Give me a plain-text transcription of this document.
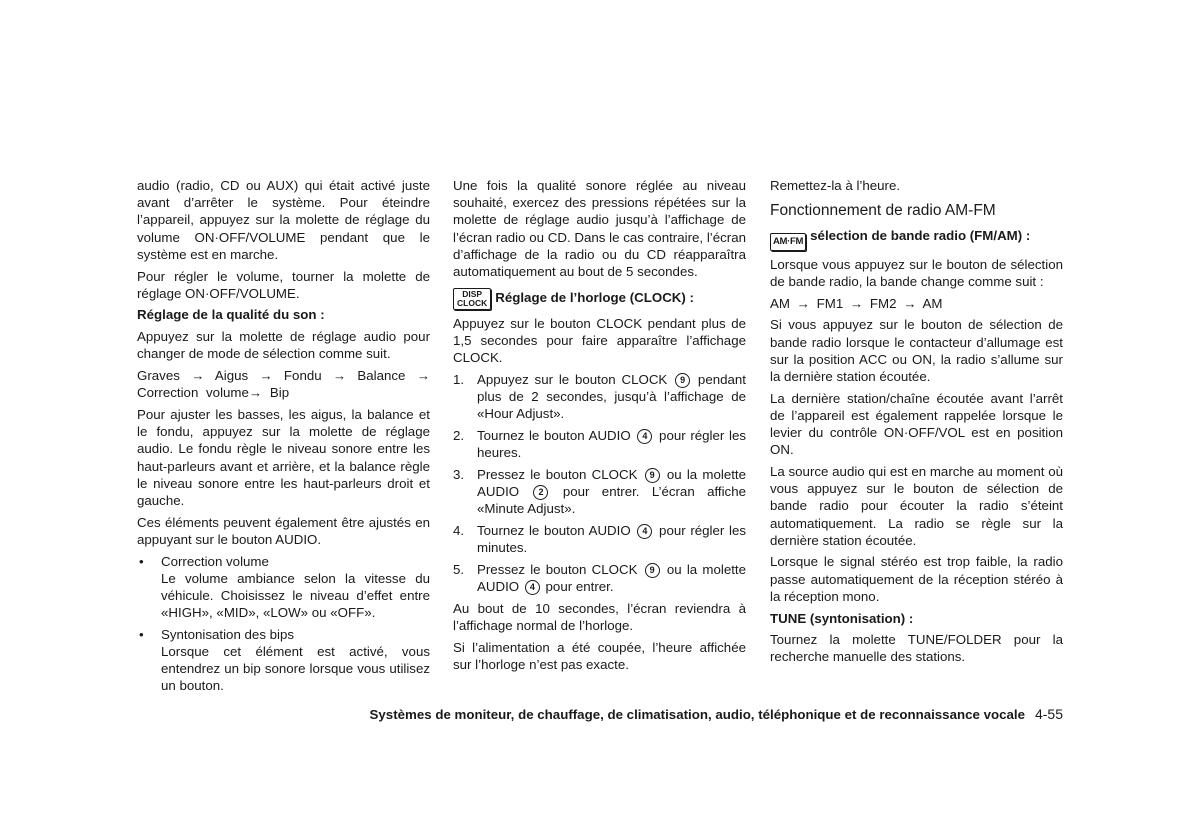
audio (radio, CD ou AUX) qui était activé juste avant d’arrêter le système. Pour éteindre l’appareil, appuyez sur la molette de réglage du volume ON·OFF/VOLUME pendant que le système est en marche.

Pour régler le volume, tourner la molette de réglage ON·OFF/VOLUME.

Réglage de la qualité du son :

Appuyez sur la molette de réglage audio pour changer de mode de sélection comme suit.

Graves → Aigus → Fondu → Balance → Correction volume→ Bip

Pour ajuster les basses, les aigus, la balance et le fondu, appuyez sur la molette de réglage audio. Le fondu règle le niveau sonore entre les haut-parleurs avant et arrière, et la balance règle le niveau sonore entre les haut-parleurs droit et gauche.

Ces éléments peuvent également être ajustés en appuyant sur le bouton AUDIO.

• Correction volume
Le volume ambiance selon la vitesse du véhicule. Choisissez le niveau d’effet entre «HIGH», «MID», «LOW» ou «OFF».
• Syntonisation des bips
Lorsque cet élément est activé, vous entendrez un bip sonore lorsque vous utilisez un bouton.

Une fois la qualité sonore réglée au niveau souhaité, exercez des pressions répétées sur la molette de réglage audio jusqu’à l’affichage de l’écran radio ou CD. Dans le cas contraire, l’écran d’affichage de la radio ou du CD réapparaîtra automatiquement au bout de 5 secondes.

DISP
CLOCK Réglage de l’horloge (CLOCK) :

Appuyez sur le bouton CLOCK pendant plus de 1,5 secondes pour faire apparaître l’affichage CLOCK.

1. Appuyez sur le bouton CLOCK 9 pendant plus de 2 secondes, jusqu’à l’affichage de «Hour Adjust».
2. Tournez le bouton AUDIO 4 pour régler les heures.
3. Pressez le bouton CLOCK 9 ou la molette AUDIO 2 pour entrer. L’écran affiche «Minute Adjust».
4. Tournez le bouton AUDIO 4 pour régler les minutes.
5. Pressez le bouton CLOCK 9 ou la molette AUDIO 4 pour entrer.

Au bout de 10 secondes, l’écran reviendra à l’affichage normal de l’horloge.

Si l’alimentation a été coupée, l’heure affichée sur l’horloge n’est pas exacte.

Remettez-la à l’heure.

Fonctionnement de radio AM-FM

AM·FM sélection de bande radio (FM/AM) :

Lorsque vous appuyez sur le bouton de sélection de bande radio, la bande change comme suit :

AM → FM1 → FM2 → AM

Si vous appuyez sur le bouton de sélection de bande radio lorsque le contacteur d’allumage est sur la position ACC ou ON, la radio s’allume sur la dernière station écoutée.

La dernière station/chaîne écoutée avant l’arrêt de l’appareil est également rappelée lorsque le levier du contrôle ON·OFF/VOL est en position ON.

La source audio qui est en marche au moment où vous appuyez sur le bouton de sélection de bande radio pour écouter la radio s’éteint automatiquement. La radio se règle sur la dernière station écoutée.

Lorsque le signal stéréo est trop faible, la radio passe automatiquement de la réception stéréo à la réception mono.

TUNE (syntonisation) :

Tournez la molette TUNE/FOLDER pour la recherche manuelle des stations.

Systèmes de moniteur, de chauffage, de climatisation, audio, téléphonique et de reconnaissance vocale 4-55
